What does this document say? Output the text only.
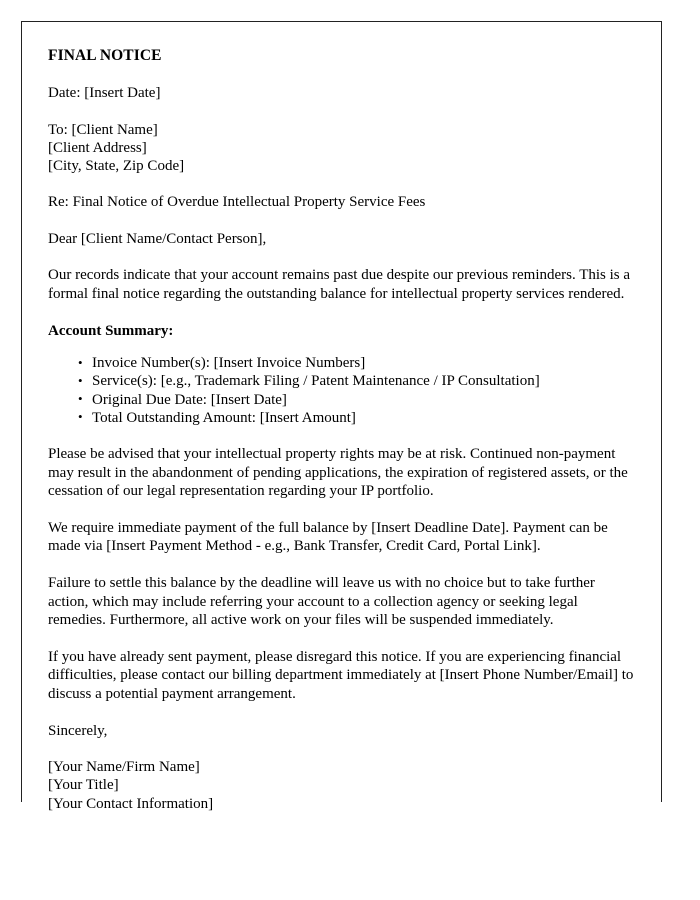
FINAL NOTICE
Date: [Insert Date]
To: [Client Name]
[Client Address]
[City, State, Zip Code]

Re: Final Notice of Overdue Intellectual Property Service Fees

Dear [Client Name/Contact Person],

Our records indicate that your account remains past due despite our previous reminders. This is a formal final notice regarding the outstanding balance for intellectual property services rendered.

Account Summary:
• Invoice Number(s): [Insert Invoice Numbers]
• Service(s): [e.g., Trademark Filing / Patent Maintenance / IP Consultation]
• Original Due Date: [Insert Date]
• Total Outstanding Amount: [Insert Amount]

Please be advised that your intellectual property rights may be at risk. Continued non-payment may result in the abandonment of pending applications, the expiration of registered assets, or the cessation of our legal representation regarding your IP portfolio.

We require immediate payment of the full balance by [Insert Deadline Date]. Payment can be made via [Insert Payment Method - e.g., Bank Transfer, Credit Card, Portal Link].

Failure to settle this balance by the deadline will leave us with no choice but to take further action, which may include referring your account to a collection agency or seeking legal remedies. Furthermore, all active work on your files will be suspended immediately.

If you have already sent payment, please disregard this notice. If you are experiencing financial difficulties, please contact our billing department immediately at [Insert Phone Number/Email] to discuss a potential payment arrangement.

Sincerely,

[Your Name/Firm Name]
[Your Title]
[Your Contact Information]
